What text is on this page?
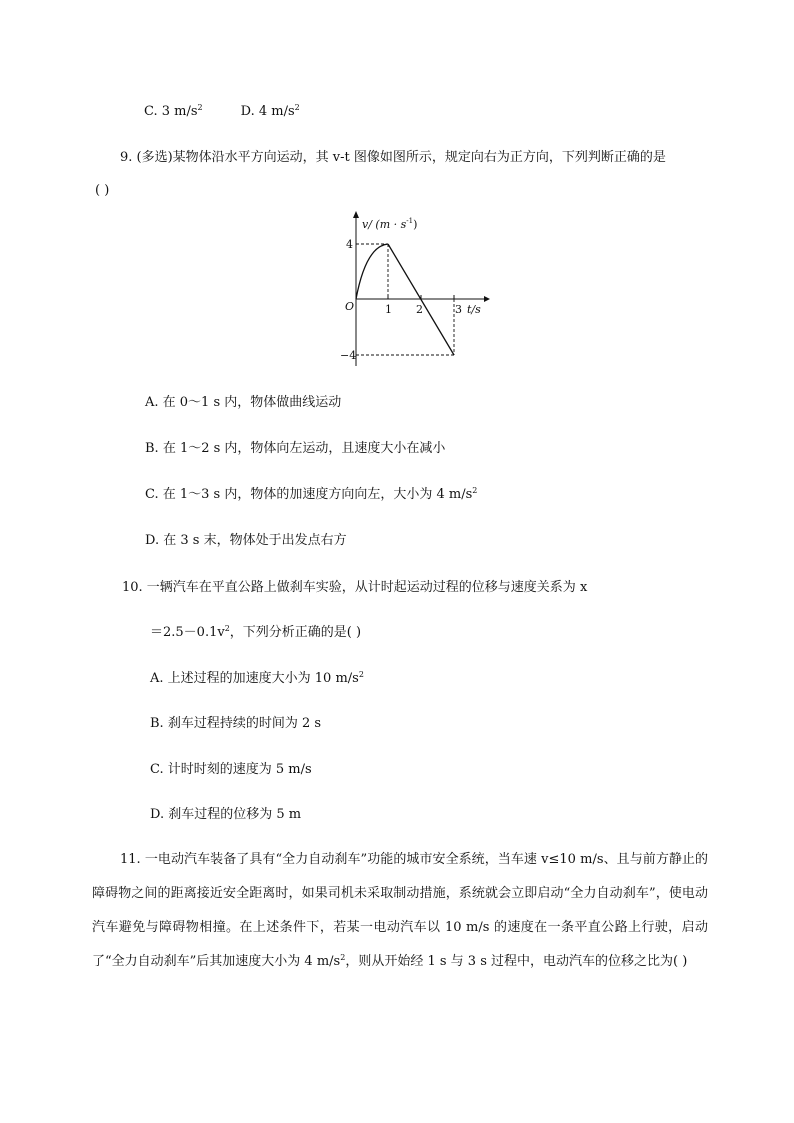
C. 3 $m/s^2$	D. 4 $m/s^2$
9. (多选)某物体沿水平方向运动，其 v-t 图像如图所示，规定向右为正方向，下列判断正确的是
( )
v/ $(m \cdot s^{-1})$
4
−4
O	1 2	3 t/s
A. 在 0～1 s 内，物体做曲线运动
B. 在 1～2 s 内，物体向左运动，且速度大小在减小
C. 在 1～3 s 内，物体的加速度方向向左，大小为 4 $m/s^2$
D. 在 3 s 末，物体处于出发点右方
10. 一辆汽车在平直公路上做刹车实验，从计时起运动过程的位移与速度关系为 x
$=2.5-0.1v^2$，下列分析正确的是( )
A. 上述过程的加速度大小为 10 $m/s^2$
B. 刹车过程持续的时间为 2 s
C. 计时时刻的速度为 5 m/s
D. 刹车过程的位移为 5 m
11. 一电动汽车装备了具有“全力自动刹车”功能的城市安全系统，当车速 v≤10 m/s、且与前方静止的障碍物之间的距离接近安全距离时，如果司机未采取制动措施，系统就会立即启动“全力自动刹车”，使电动汽车避免与障碍物相撞。在上述条件下，若某一电动汽车以 10 m/s 的速度在一条平直公路上行驶，启动了“全力自动刹车”后其加速度大小为 4 $m/s^2$，则从开始经 1 s 与 3 s 过程中，电动汽车的位移之比为( )
